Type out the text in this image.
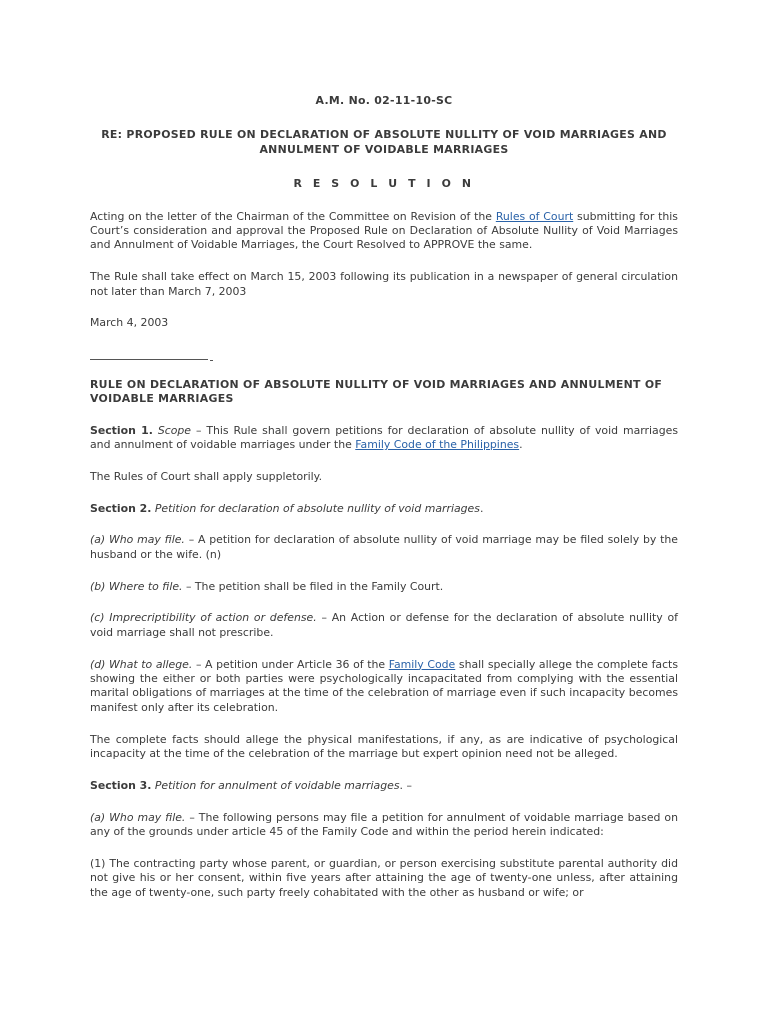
A.M. No. 02-11-10-SC
RE: PROPOSED RULE ON DECLARATION OF ABSOLUTE NULLITY OF VOID MARRIAGES AND ANNULMENT OF VOIDABLE MARRIAGES
R E S O L U T I O N

Acting on the letter of the Chairman of the Committee on Revision of the Rules of Court submitting for this Court’s consideration and approval the Proposed Rule on Declaration of Absolute Nullity of Void Marriages and Annulment of Voidable Marriages, the Court Resolved to APPROVE the same.

The Rule shall take effect on March 15, 2003 following its publication in a newspaper of general circulation not later than March 7, 2003

March 4, 2003

RULE ON DECLARATION OF ABSOLUTE NULLITY OF VOID MARRIAGES AND ANNULMENT OF VOIDABLE MARRIAGES

Section 1. Scope – This Rule shall govern petitions for declaration of absolute nullity of void marriages and annulment of voidable marriages under the Family Code of the Philippines.

The Rules of Court shall apply suppletorily.

Section 2. Petition for declaration of absolute nullity of void marriages.

(a) Who may file. – A petition for declaration of absolute nullity of void marriage may be filed solely by the husband or the wife. (n)

(b) Where to file. – The petition shall be filed in the Family Court.

(c) Imprecriptibility of action or defense. – An Action or defense for the declaration of absolute nullity of void marriage shall not prescribe.

(d) What to allege. – A petition under Article 36 of the Family Code shall specially allege the complete facts showing the either or both parties were psychologically incapacitated from complying with the essential marital obligations of marriages at the time of the celebration of marriage even if such incapacity becomes manifest only after its celebration.

The complete facts should allege the physical manifestations, if any, as are indicative of psychological incapacity at the time of the celebration of the marriage but expert opinion need not be alleged.

Section 3. Petition for annulment of voidable marriages. –

(a) Who may file. – The following persons may file a petition for annulment of voidable marriage based on any of the grounds under article 45 of the Family Code and within the period herein indicated:

(1) The contracting party whose parent, or guardian, or person exercising substitute parental authority did not give his or her consent, within five years after attaining the age of twenty-one unless, after attaining the age of twenty-one, such party freely cohabitated with the other as husband or wife; or
